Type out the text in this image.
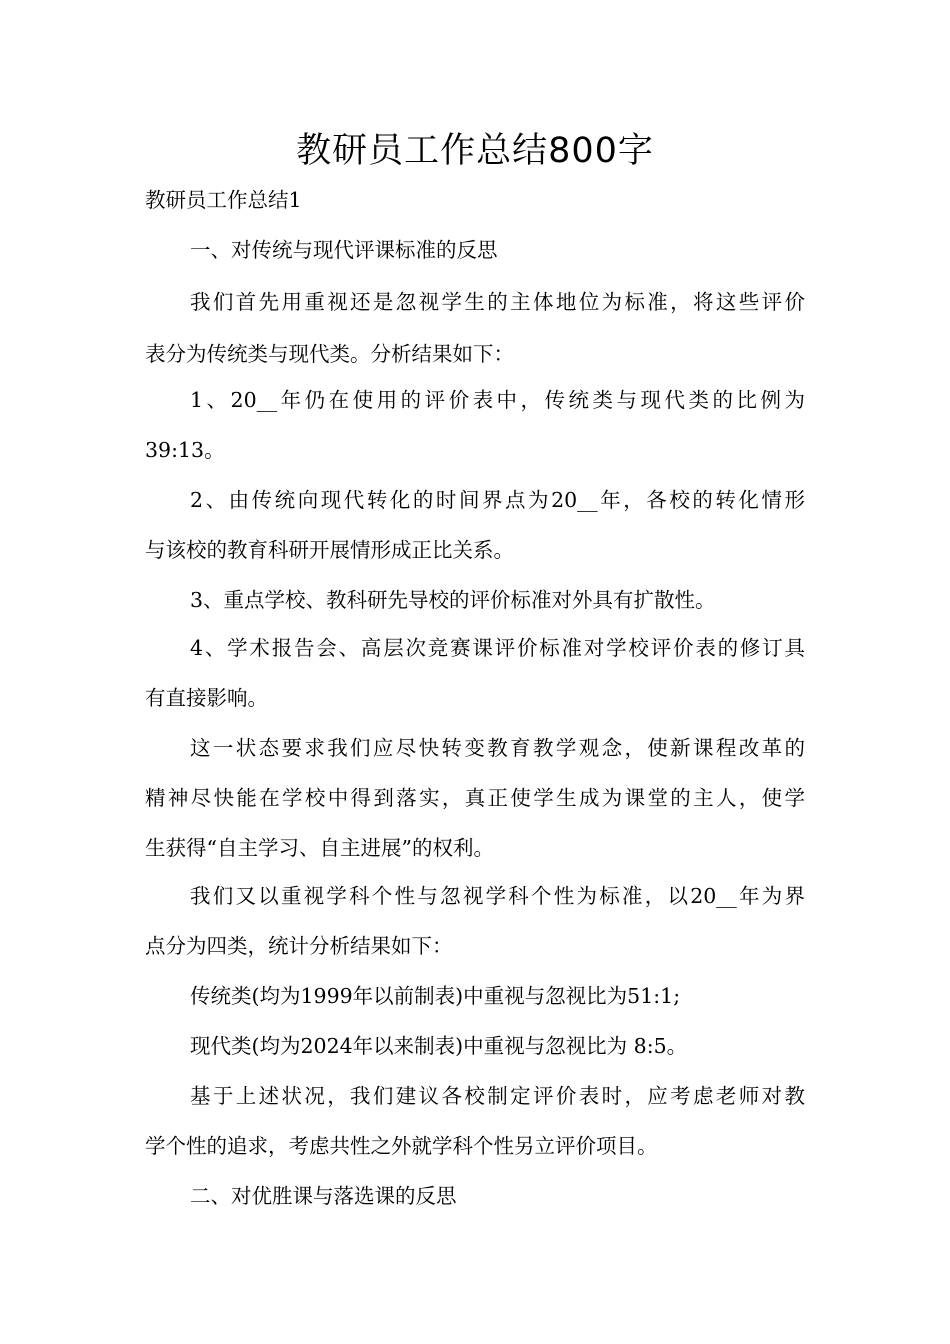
教研员工作总结800字
教研员工作总结1
一、对传统与现代评课标准的反思
我们首先用重视还是忽视学生的主体地位为标准，将这些评价
表分为传统类与现代类。分析结果如下：
1、20__年仍在使用的评价表中，传统类与现代类的比例为
39:13。
2、由传统向现代转化的时间界点为20__年，各校的转化情形
与该校的教育科研开展情形成正比关系。
3、重点学校、教科研先导校的评价标准对外具有扩散性。
4、学术报告会、高层次竞赛课评价标准对学校评价表的修订具
有直接影响。
这一状态要求我们应尽快转变教育教学观念，使新课程改革的
精神尽快能在学校中得到落实，真正使学生成为课堂的主人，使学
生获得“自主学习、自主进展”的权利。
我们又以重视学科个性与忽视学科个性为标准，以20__年为界
点分为四类，统计分析结果如下：
传统类(均为1999年以前制表)中重视与忽视比为51:1;
现代类(均为2024年以来制表)中重视与忽视比为 8:5。
基于上述状况，我们建议各校制定评价表时，应考虑老师对教
学个性的追求，考虑共性之外就学科个性另立评价项目。
二、对优胜课与落选课的反思
